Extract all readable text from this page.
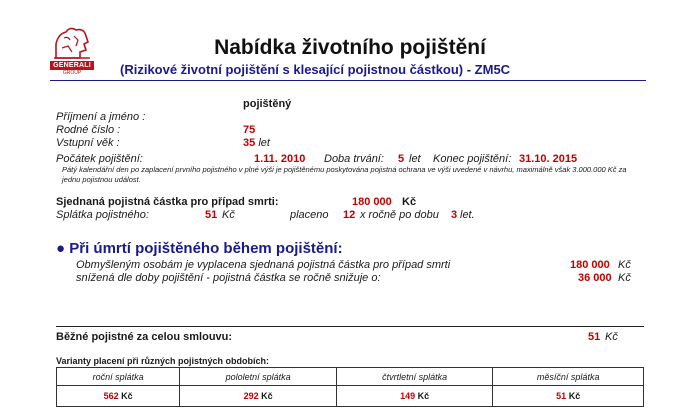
GENERALI
GROUP
Nabídka životního pojištění
(Rizikové životní pojištění s klesající pojistnou částkou) - ZM5C
pojištěný
Příjmení a jméno :
Rodné číslo :	75
Vstupní věk :	35 let
Počátek pojištění:	1.11. 2010 Doba trvání: 5 let Konec pojištění: 31.10. 2015
Pátý kalendářní den po zaplacení prvního pojistného v plné výši je pojištěnému poskytována pojistná ochrana ve výši uvedené v návrhu, maximálně však 3.000.000 Kč za jednu pojistnou událost.
Sjednaná pojistná částka pro případ smrti:	180 000 Kč
Splátka pojistného:	51 Kč	placeno 12 x ročně po dobu 3 let.
● Při úmrtí pojištěného během pojištění:
Obmyšleným osobám je vyplacena sjednaná pojistná částka pro případ smrti	180 000 Kč
snížená dle doby pojištění - pojistná částka se ročně snižuje o:	36 000 Kč
Běžné pojistné za celou smlouvu:	51 Kč
Varianty placení při různých pojistných obdobích:
roční splátka	pololetní splátka	čtvrtletní splátka	měsíční splátka
562 Kč	292 Kč	149 Kč	51 Kč
